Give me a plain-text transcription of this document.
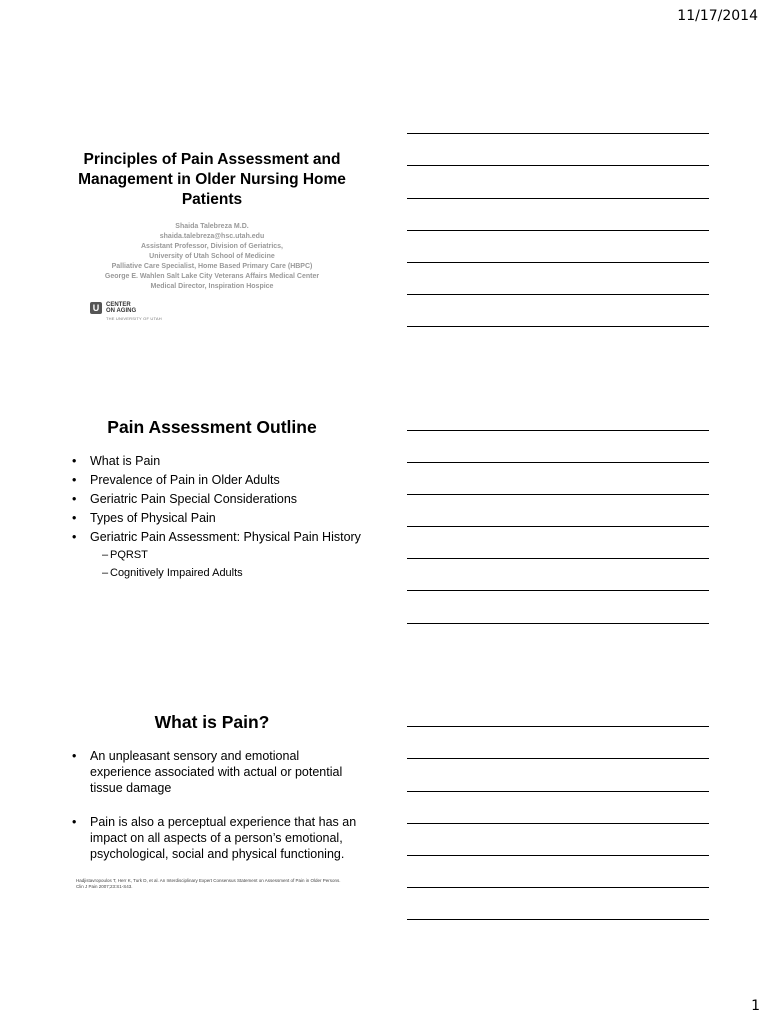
11/17/2014
Principles of Pain Assessment and Management in Older Nursing Home Patients
Shaida Talebreza M.D.
shaida.talebreza@hsc.utah.edu
Assistant Professor, Division of Geriatrics,
University of Utah School of Medicine
Palliative Care Specialist, Home Based Primary Care (HBPC)
George E. Wahlen Salt Lake City Veterans Affairs Medical Center
Medical Director, Inspiration Hospice
U	CENTER
ON AGING
THE UNIVERSITY OF UTAH
Pain Assessment Outline
• What is Pain
• Prevalence of Pain in Older Adults
• Geriatric Pain Special Considerations
• Types of Physical Pain
• Geriatric Pain Assessment: Physical Pain History
– PQRST
– Cognitively Impaired Adults
What is Pain?
• An unpleasant sensory and emotional experience associated with actual or potential tissue damage
• Pain is also a perceptual experience that has an impact on all aspects of a person’s emotional, psychological, social and physical functioning.
Hadjistavropoulos T, Herr K, Turk D, et al. An Interdisciplinary Expert Consensus Statement on Assessment of Pain in Older Persons. Clin J Pain 2007;23:S1-S43.
1
